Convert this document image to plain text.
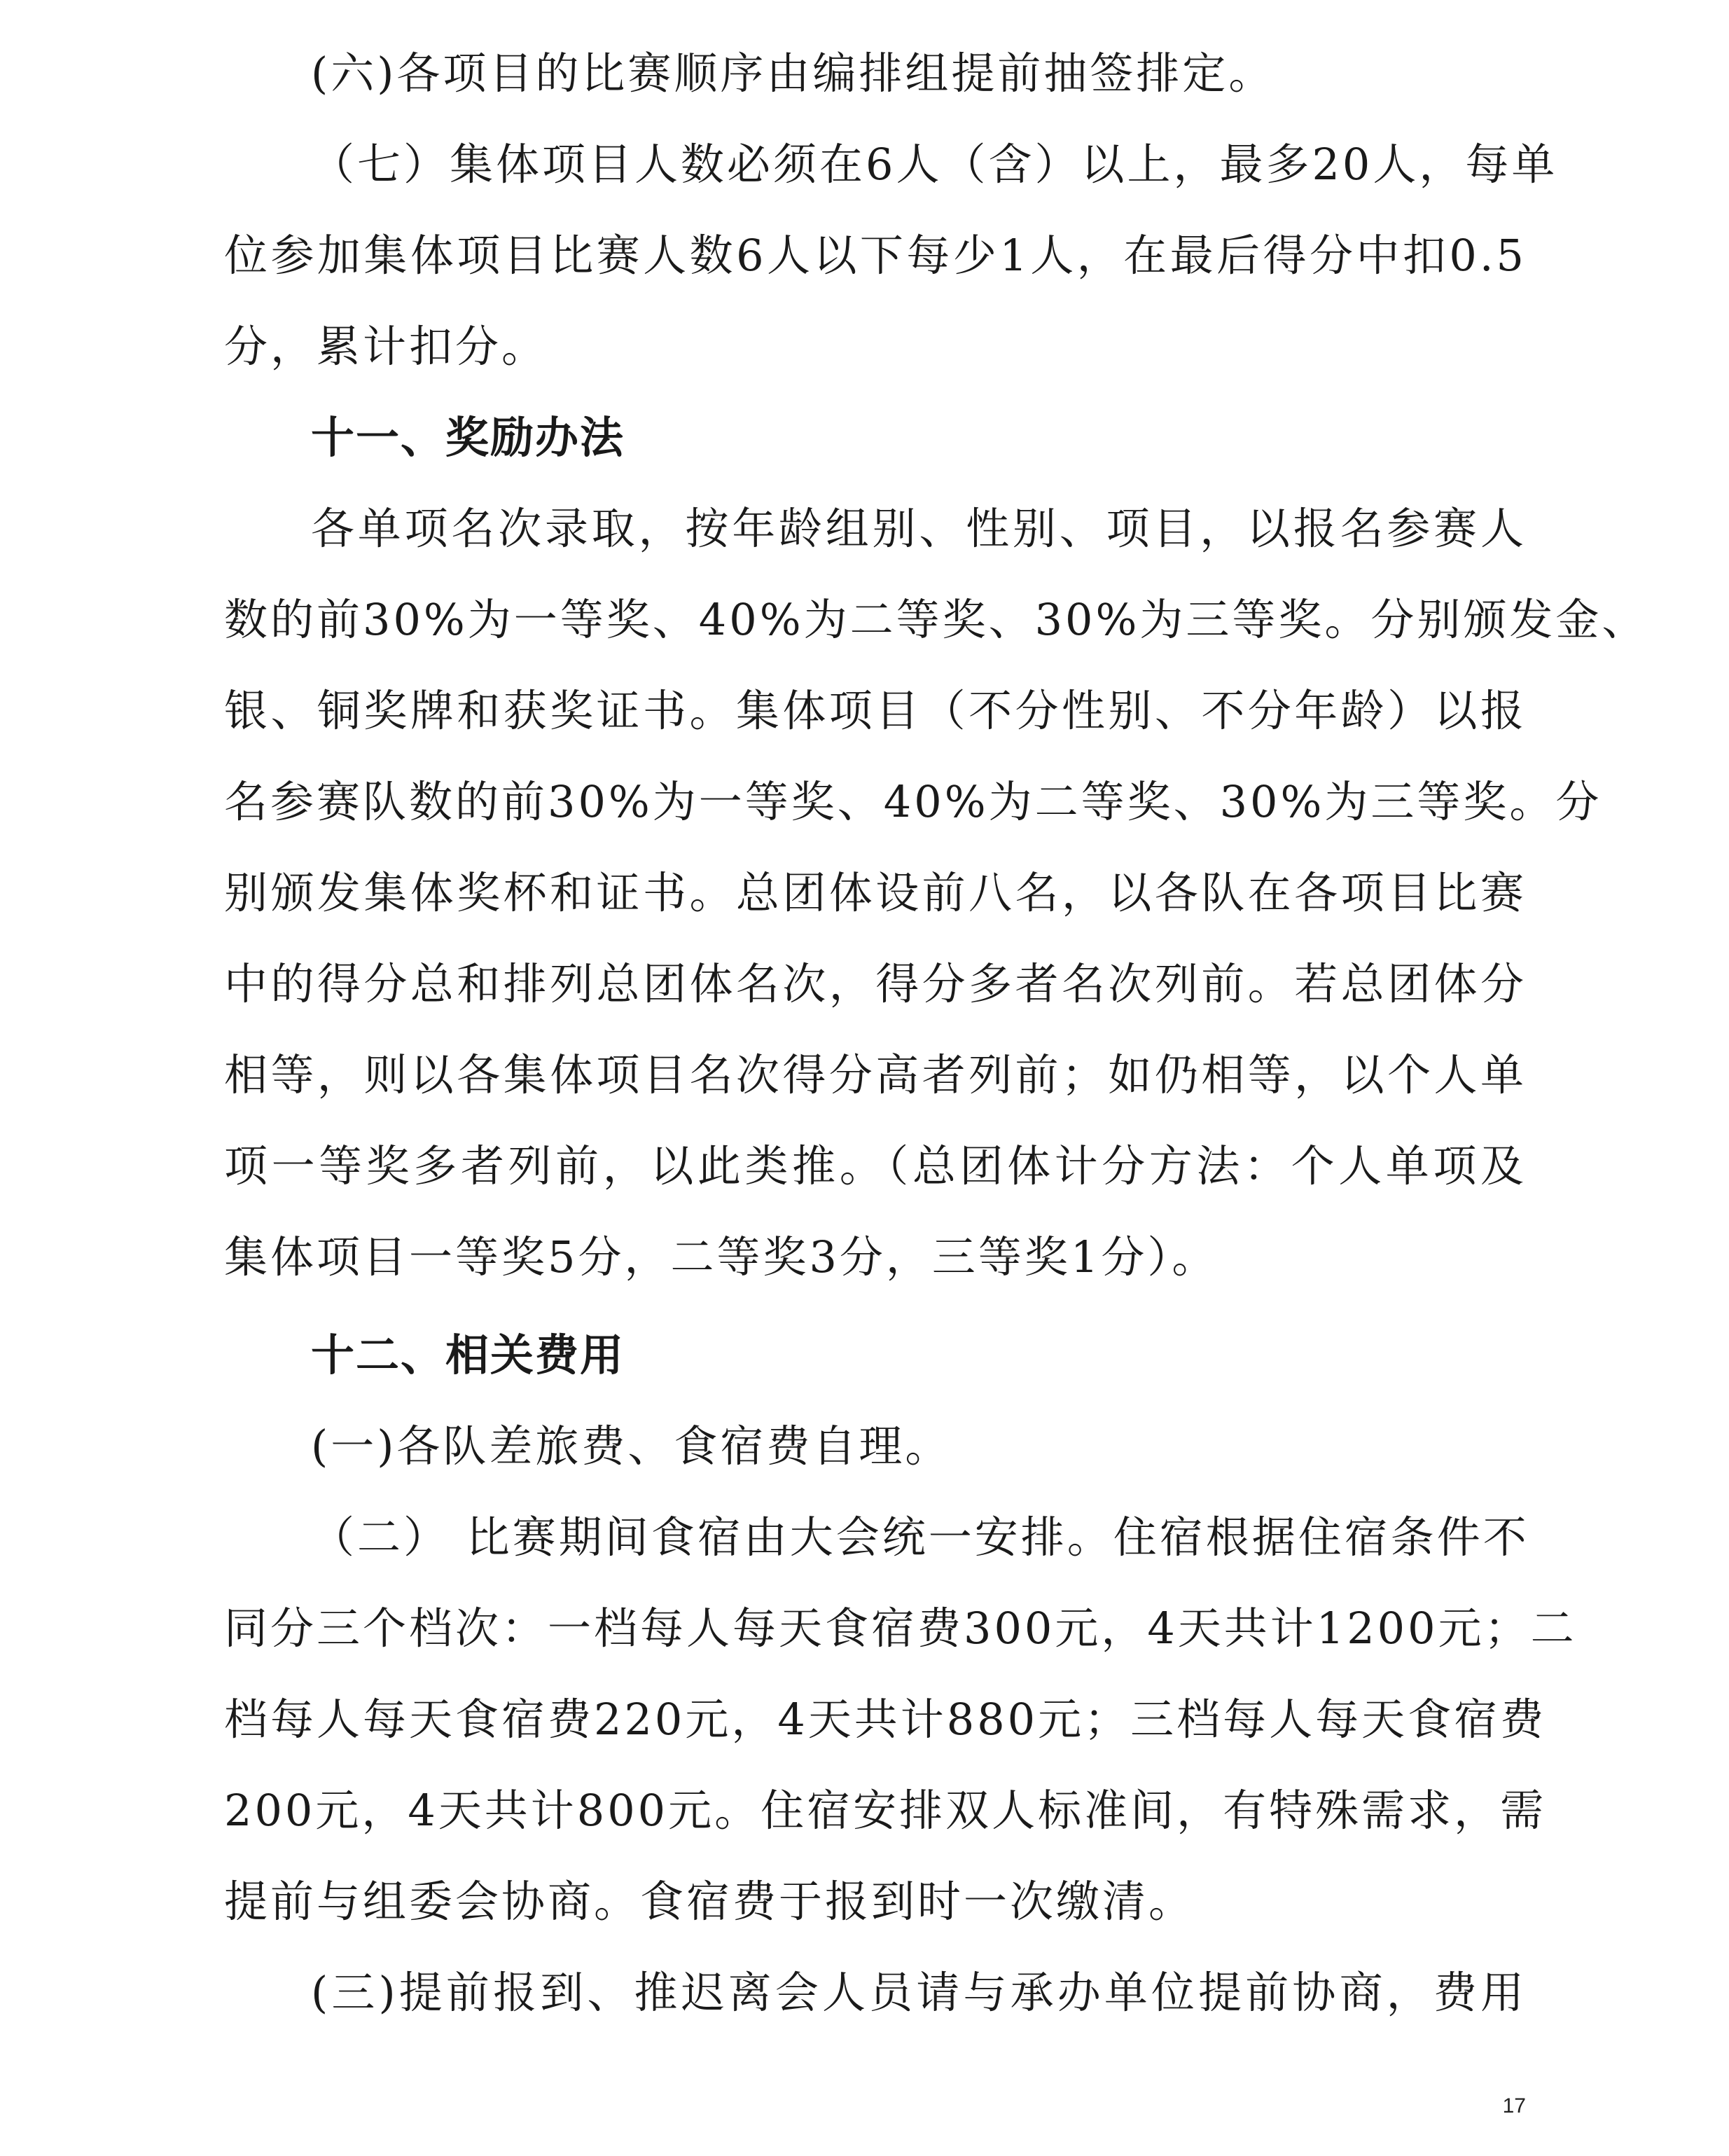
(六)各项目的比赛顺序由编排组提前抽签排定。
（七）集体项目人数必须在6人（含）以上，最多20人，每单
位参加集体项目比赛人数6人以下每少1人，在最后得分中扣0.5
分，累计扣分。
十一、奖励办法
各单项名次录取，按年龄组别、性别、项目，以报名参赛人
数的前30%为一等奖、40%为二等奖、30%为三等奖。分别颁发金、
银、铜奖牌和获奖证书。集体项目（不分性别、不分年龄）以报
名参赛队数的前30%为一等奖、40%为二等奖、30%为三等奖。分
别颁发集体奖杯和证书。总团体设前八名，以各队在各项目比赛
中的得分总和排列总团体名次，得分多者名次列前。若总团体分
相等，则以各集体项目名次得分高者列前；如仍相等，以个人单
项一等奖多者列前，以此类推。（总团体计分方法：个人单项及
集体项目一等奖5分，二等奖3分，三等奖1分）。
十二、相关费用
(一)各队差旅费、食宿费自理。
（二） 比赛期间食宿由大会统一安排。住宿根据住宿条件不
同分三个档次：一档每人每天食宿费300元，4天共计1200元；二
档每人每天食宿费220元，4天共计880元；三档每人每天食宿费
200元，4天共计800元。住宿安排双人标准间，有特殊需求，需
提前与组委会协商。食宿费于报到时一次缴清。
(三)提前报到、推迟离会人员请与承办单位提前协商，费用
17
